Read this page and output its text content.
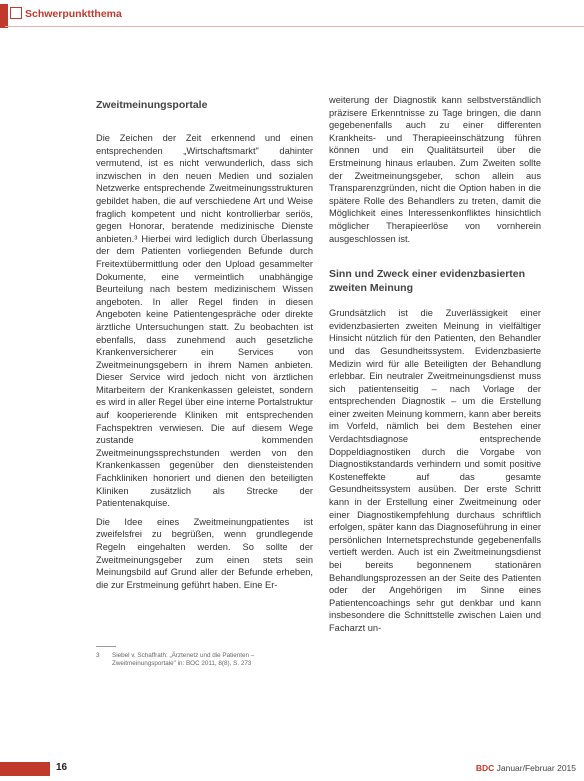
Schwerpunktthema
Zweitmeinungsportale

Die Zeichen der Zeit erkennend und einen entsprechenden „Wirtschaftsmarkt" dahinter vermutend, ist es nicht verwunderlich, dass sich inzwischen in den neuen Medien und sozialen Netzwerke entsprechende Zweitmeinungsstrukturen gebildet haben, die auf verschiedene Art und Weise fraglich kompetent und nicht kontrollierbar seriös, gegen Honorar, beratende medizinische Dienste anbieten.³ Hierbei wird lediglich durch Überlassung der dem Patienten vorliegenden Befunde durch Freitextübermittlung oder den Upload gesammelter Dokumente, eine vermeintlich unabhängige Beurteilung nach bestem medizinischem Wissen angeboten. In aller Regel finden in diesen Angeboten keine Patientengespräche oder direkte ärztliche Untersuchungen statt. Zu beobachten ist ebenfalls, dass zunehmend auch gesetzliche Krankenversicherer ein Services von Zweitmeinungsgebern in ihrem Namen anbieten. Dieser Service wird jedoch nicht von ärztlichen Mitarbeitern der Krankenkassen geleistet, sondern es wird in aller Regel über eine interne Portalstruktur auf kooperierende Kliniken mit entsprechenden Fachspektren verwiesen. Die auf diesem Wege zustande kommenden Zweitmeinungssprechstunden werden von den Krankenkassen gegenüber den diensteistenden Fachkliniken honoriert und dienen den beteiligten Kliniken zusätzlich als Strecke der Patientenakquise.

Die Idee eines Zweitmeinungpatientes ist zweifelsfrei zu begrüßen, wenn grundlegende Regeln eingehalten werden. So sollte der Zweitmeinungsgeber zum einen stets sein Meinungsbild auf Grund aller der Befunde erheben, die zur Erstmeinung geführt haben. Eine Er-

weiterung der Diagnostik kann selbstverständlich präzisere Erkenntnisse zu Tage bringen, die dann gegebenenfalls auch zu einer differenten Krankheits- und Therapieeinschätzung führen können und ein Qualitätsurteil über die Erstmeinung hinaus erlauben. Zum Zweiten sollte der Zweitmeinungsgeber, schon allein aus Transparenzgründen, nicht die Option haben in die spätere Rolle des Behandlers zu treten, damit die Möglichkeit eines Interessenkonfliktes hinsichtlich möglicher Therapieerlöse von vornherein ausgeschlossen ist.

Sinn und Zweck einer evidenzbasierten zweiten Meinung

Grundsätzlich ist die Zuverlässigkeit einer evidenzbasierten zweiten Meinung in vielfältiger Hinsicht nützlich für den Patienten, den Behandler und das Gesundheitssystem. Evidenzbasierte Medizin wird für alle Beteiligten der Behandlung erlebbar. Ein neutraler Zweitmeinungsdienst muss sich patientenseitig – nach Vorlage der entsprechenden Diagnostik – um die Erstellung einer zweiten Meinung kommern, kann aber bereits im Vorfeld, nämlich bei dem Bestehen einer Verdachtsdiagnose entsprechende Doppeldiagnostiken durch die Vorgabe von Diagnostikstandards verhindern und somit positive Kosteneffekte auf das gesamte Gesundheitssystem ausüben. Der erste Schritt kann in der Erstellung einer Zweitmeinung oder einer Diagnostikempfehlung durchaus schriftlich erfolgen, später kann das Diagnoseführung in einer persönlichen Internetsprechstunde gegebenenfalls vertieft werden. Auch ist ein Zweitmeinungsdienst bei bereits begonnenem stationären Behandlungsprozessen an der Seite des Patienten oder der Angehörigen im Sinne eines Patientencoachings sehr gut denkbar und kann insbesondere die Schnittstelle zwischen Laien und Facharzt un-

3	Siebel v. Schaffrath: „Ärztenetz und die Patienten – Zweitmeinungsportale" in: BOC 2011, 8(8), S. 273
16	BDC Januar/Februar 2015
